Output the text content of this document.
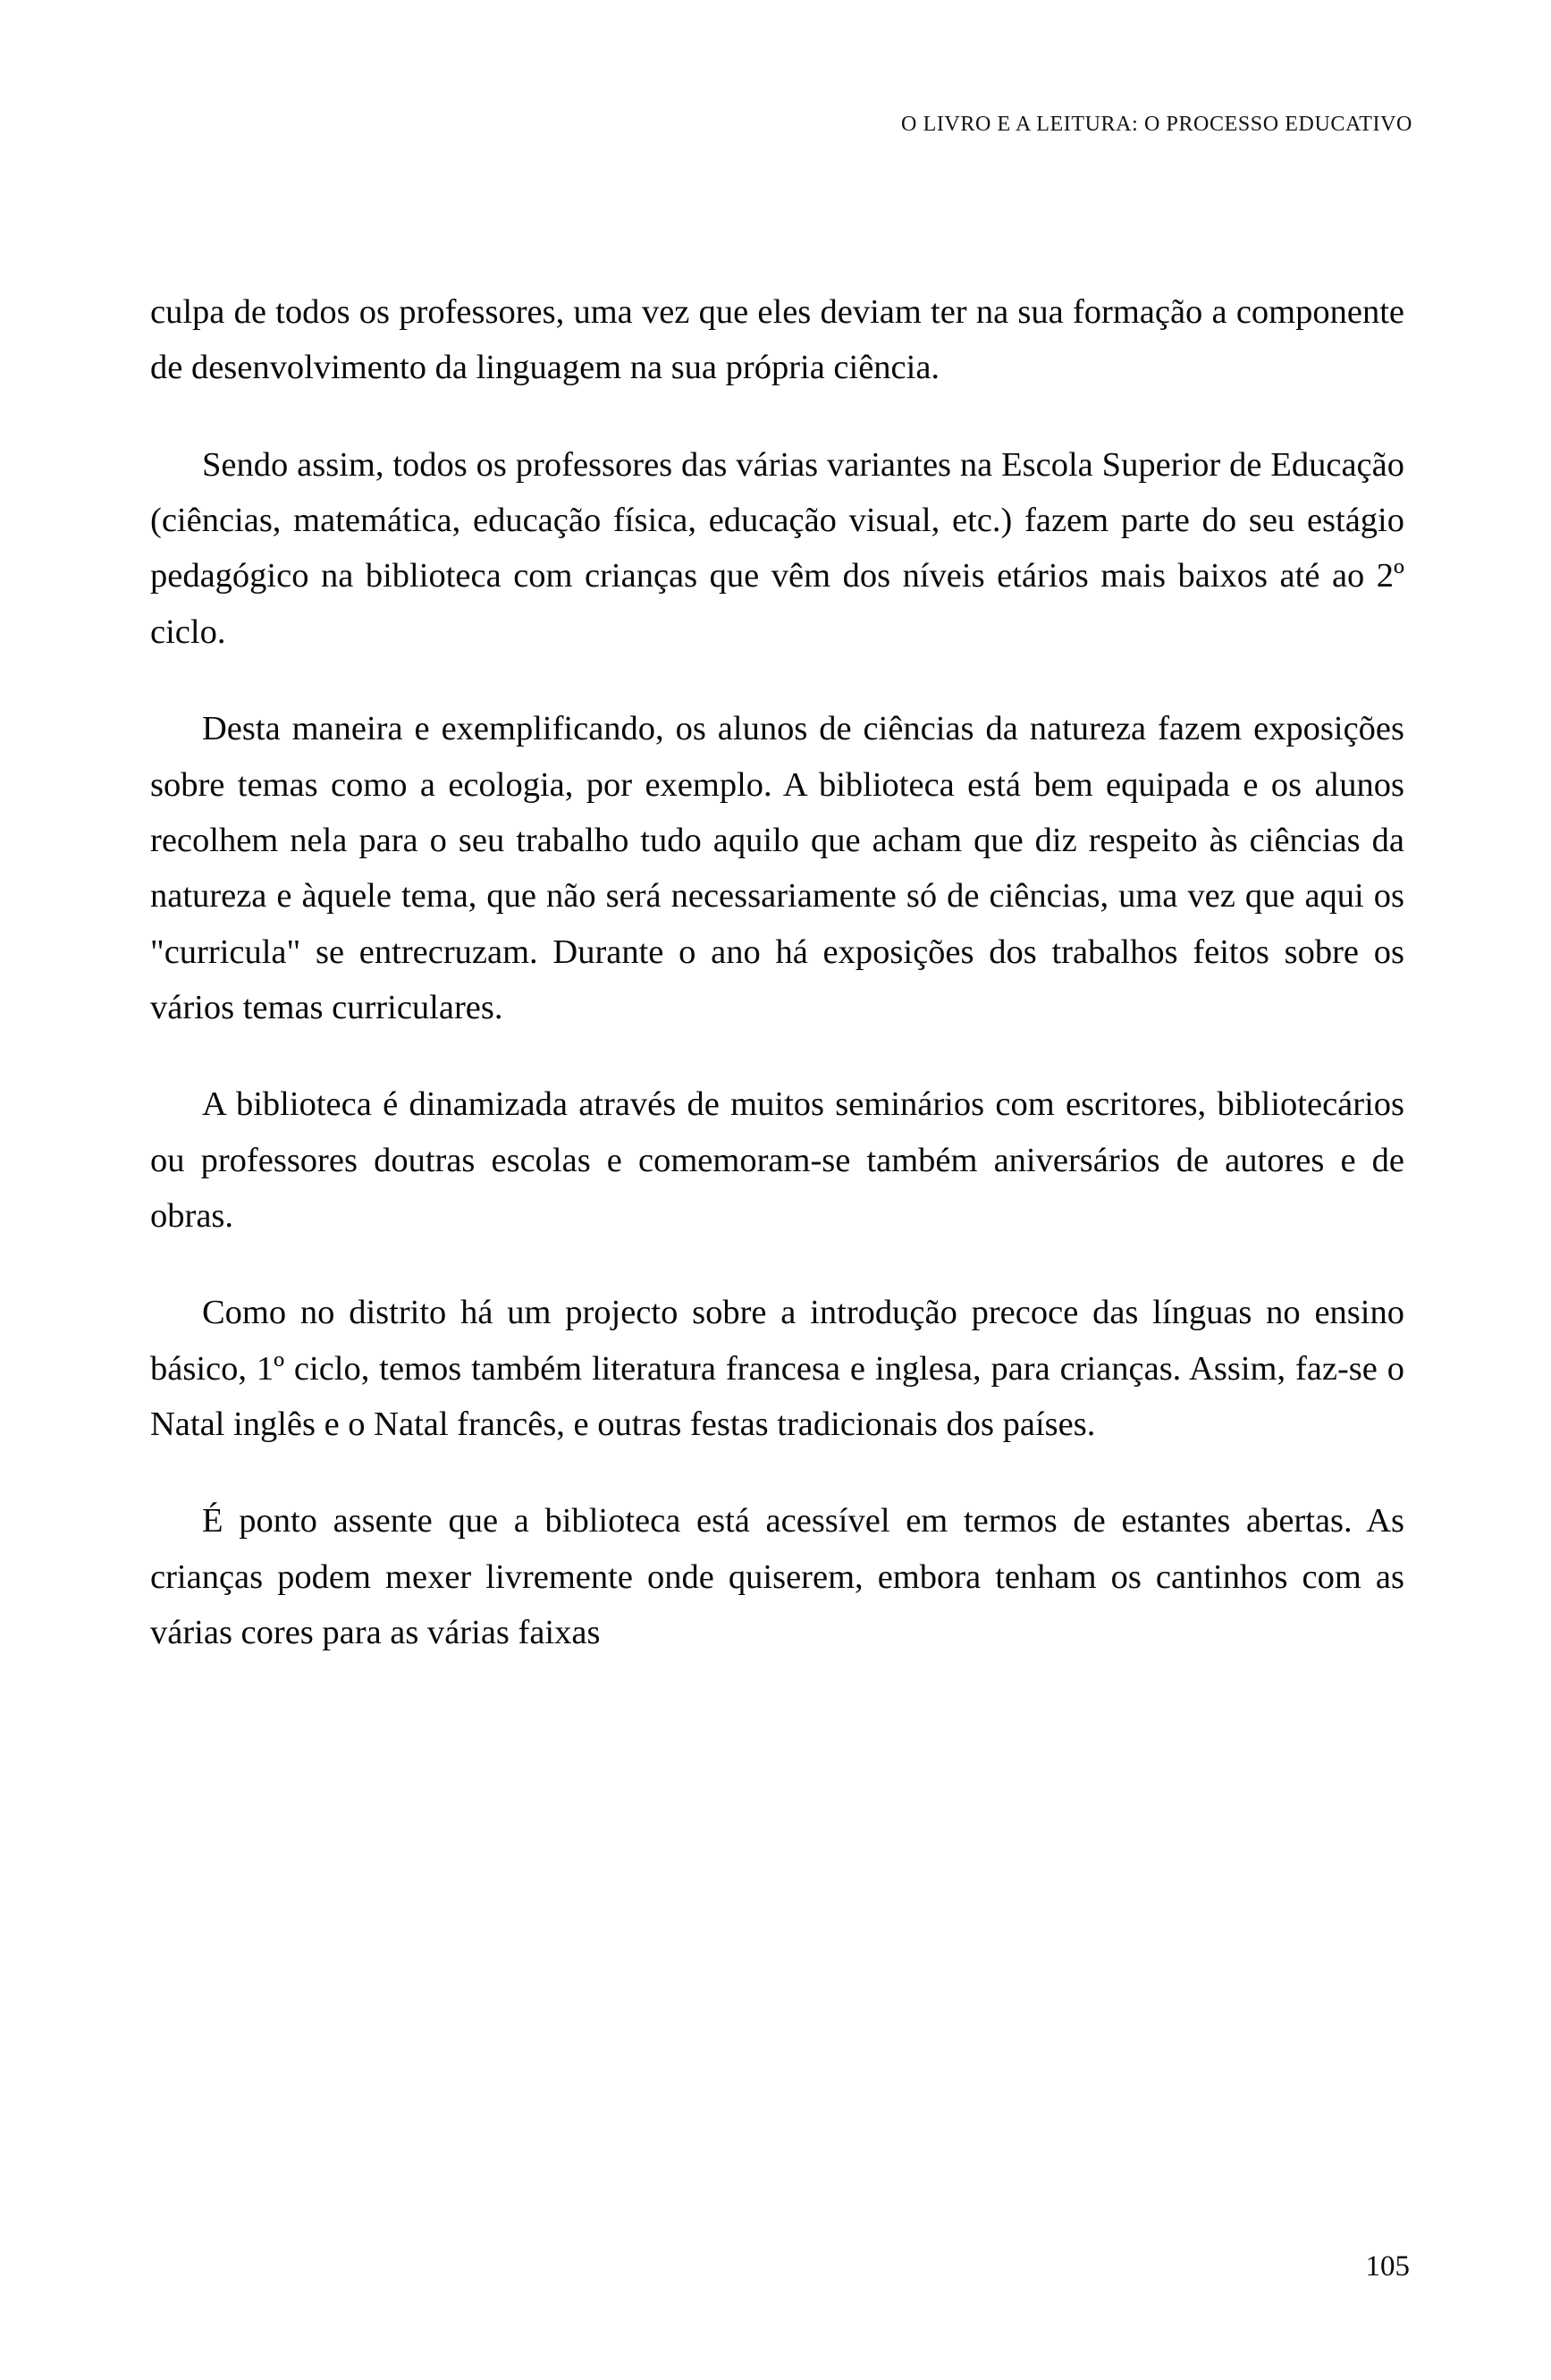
O LIVRO E A LEITURA: O PROCESSO EDUCATIVO

culpa de todos os professores, uma vez que eles deviam ter na sua formação a componente de desenvolvimento da linguagem na sua própria ciência.

Sendo assim, todos os professores das várias variantes na Escola Superior de Educação (ciências, matemática, educação física, educação visual, etc.) fazem parte do seu estágio pedagógico na biblioteca com crianças que vêm dos níveis etários mais baixos até ao 2º ciclo.

Desta maneira e exemplificando, os alunos de ciências da natureza fazem exposições sobre temas como a ecologia, por exemplo. A biblioteca está bem equipada e os alunos recolhem nela para o seu trabalho tudo aquilo que acham que diz respeito às ciências da natureza e àquele tema, que não será necessariamente só de ciências, uma vez que aqui os "curricula" se entrecruzam. Durante o ano há exposições dos trabalhos feitos sobre os vários temas curriculares.

A biblioteca é dinamizada através de muitos seminários com escritores, bibliotecários ou professores doutras escolas e comemoram-se também aniversários de autores e de obras.

Como no distrito há um projecto sobre a introdução precoce das línguas no ensino básico, 1º ciclo, temos também literatura francesa e inglesa, para crianças. Assim, faz-se o Natal inglês e o Natal francês, e outras festas tradicionais dos países.

É ponto assente que a biblioteca está acessível em termos de estantes abertas. As crianças podem mexer livremente onde quiserem, embora tenham os cantinhos com as várias cores para as várias faixas

105
